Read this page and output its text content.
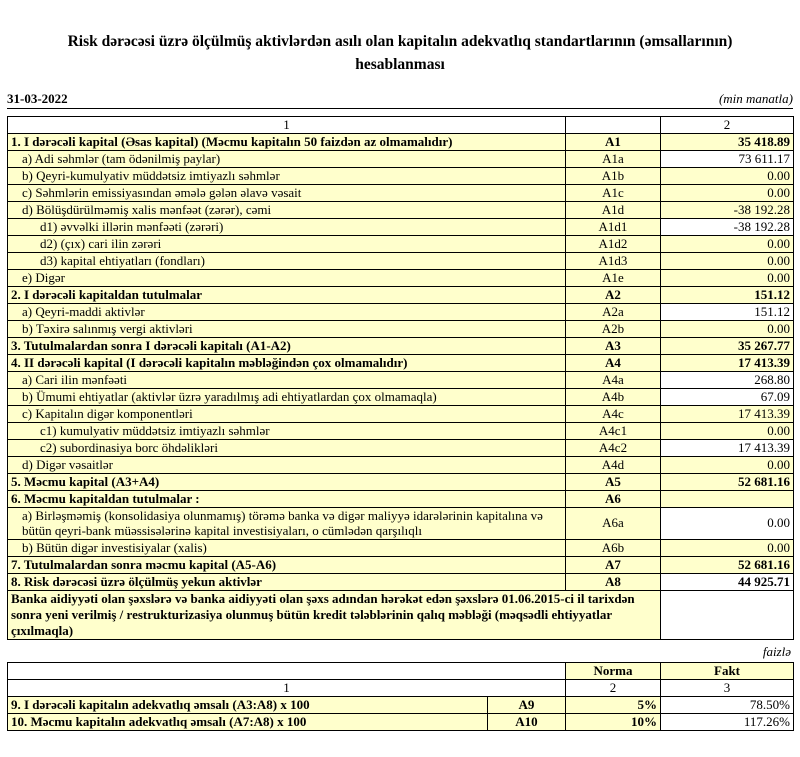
Risk dərəcəsi üzrə ölçülmüş aktivlərdən asılı olan kapitalın adekvatlıq standartlarının (əmsallarının) hesablanması
31-03-2022	(min manatla)
1		2
1. I dərəcəli kapital (Əsas kapital) (Məcmu kapitalın 50 faizdən az olmamalıdır)	A1	35 418.89
a) Adi səhmlər (tam ödənilmiş paylar)	A1a	73 611.17
b) Qeyri-kumulyativ müddətsiz imtiyazlı səhmlər	A1b	0.00
c) Səhmlərin emissiyasından əmələ gələn əlavə vəsait	A1c	0.00
d) Bölüşdürülməmiş xalis mənfəət (zərər), cəmi	A1d	-38 192.28
d1) əvvəlki illərin mənfəəti (zərəri)	A1d1	-38 192.28
d2) (çıx) cari ilin zərəri	A1d2	0.00
d3) kapital ehtiyatları (fondları)	A1d3	0.00
e) Digər	A1e	0.00
2. I dərəcəli kapitaldan tutulmalar	A2	151.12
a) Qeyri-maddi aktivlər	A2a	151.12
b) Təxirə salınmış vergi aktivləri	A2b	0.00
3. Tutulmalardan sonra I dərəcəli kapitalı (A1-A2)	A3	35 267.77
4. II dərəcəli kapital (I dərəcəli kapitalın məbləğindən çox olmamalıdır)	A4	17 413.39
a) Cari ilin mənfəəti	A4a	268.80
b) Ümumi ehtiyatlar (aktivlər üzrə yaradılmış adi ehtiyatlardan çox olmamaqla)	A4b	67.09
c) Kapitalın digər komponentləri	A4c	17 413.39
c1) kumulyativ müddətsiz imtiyazlı səhmlər	A4c1	0.00
c2) subordinasiya borc öhdəlikləri	A4c2	17 413.39
d) Digər vəsaitlər	A4d	0.00
5. Məcmu kapital (A3+A4)	A5	52 681.16
6. Məcmu kapitaldan tutulmalar :	A6	
a) Birləşməmiş (konsolidasiya olunmamış) törəmə banka və digər maliyyə idarələrinin kapitalına və bütün qeyri-bank müəssisələrinə kapital investisiyaları, o cümlədən qarşılıqlı	A6a	0.00
b) Bütün digər investisiyalar (xalis)	A6b	0.00
7. Tutulmalardan sonra məcmu kapital (A5-A6)	A7	52 681.16
8. Risk dərəcəsi üzrə ölçülmüş yekun aktivlər	A8	44 925.71
Banka aidiyyəti olan şəxslərə və banka aidiyyəti olan şəxs adından hərəkət edən şəxslərə 01.06.2015-ci il tarixdən sonra yeni verilmiş / restrukturizasiya olunmuş bütün kredit tələblərinin qalıq məbləği (məqsədli ehtiyyatlar çıxılmaqla)		
faizlə
		Norma	Fakt
1		2	3
9. I dərəcəli kapitalın adekvatlıq əmsalı (A3:A8) x 100	A9	5%	78.50%
10. Məcmu kapitalın adekvatlıq əmsalı (A7:A8) x 100	A10	10%	117.26%
